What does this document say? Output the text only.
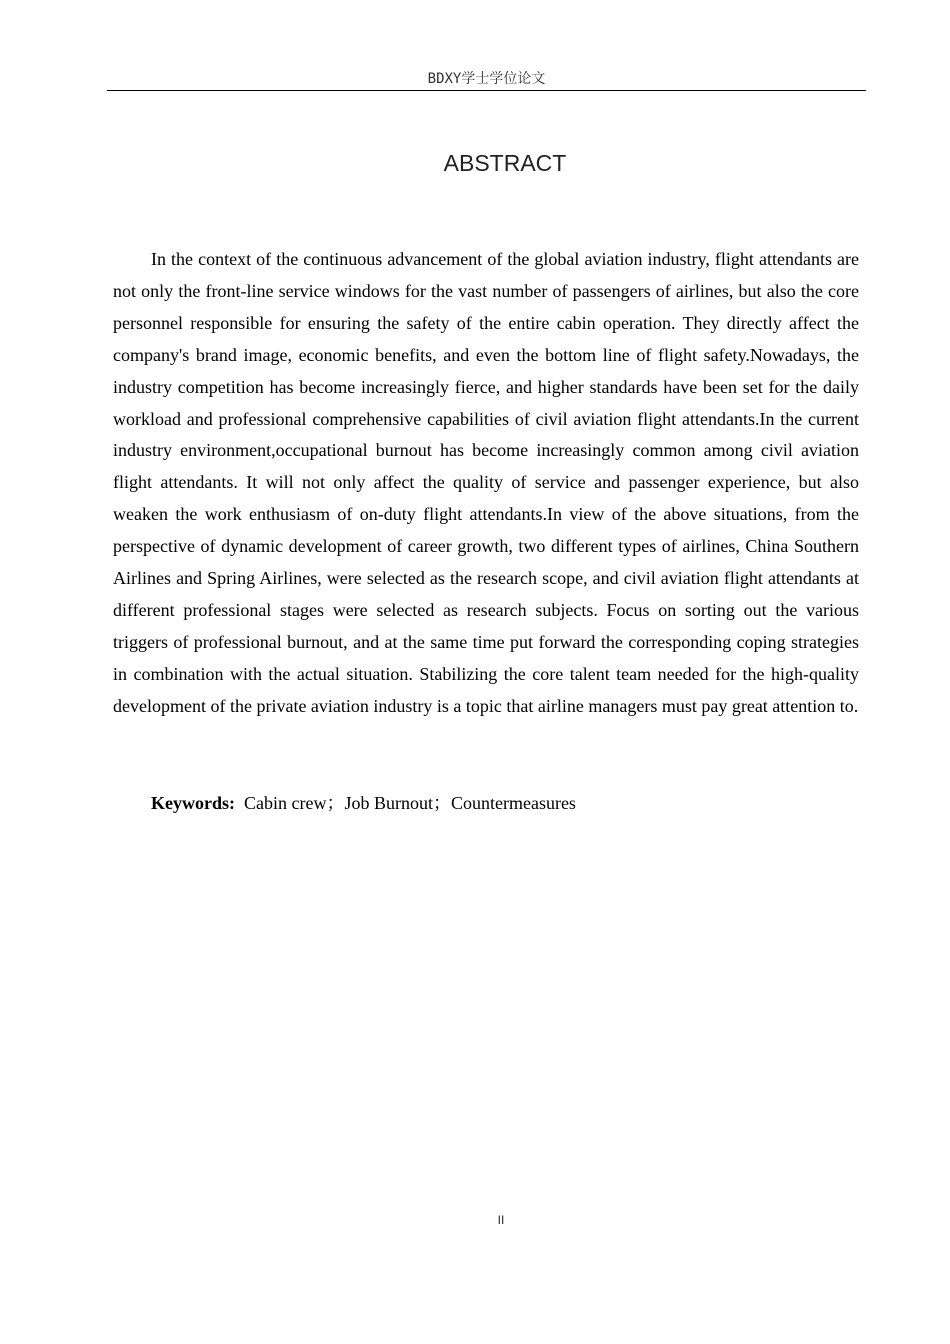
BDXY学士学位论文
ABSTRACT

In the context of the continuous advancement of the global aviation industry, flight attendants are not only the front-line service windows for the vast number of passengers of airlines, but also the core personnel responsible for ensuring the safety of the entire cabin operation. They directly affect the company's brand image, economic benefits, and even the bottom line of flight safety.Nowadays, the industry competition has become increasingly fierce, and higher standards have been set for the daily workload and professional comprehensive capabilities of civil aviation flight attendants.In the current industry environment,occupational burnout has become increasingly common among civil aviation flight attendants. It will not only affect the quality of service and passenger experience, but also weaken the work enthusiasm of on-duty flight attendants.In view of the above situations, from the perspective of dynamic development of career growth, two different types of airlines, China Southern Airlines and Spring Airlines, were selected as the research scope, and civil aviation flight attendants at different professional stages were selected as research subjects. Focus on sorting out the various triggers of professional burnout, and at the same time put forward the corresponding coping strategies in combination with the actual situation. Stabilizing the core talent team needed for the high-quality development of the private aviation industry is a topic that airline managers must pay great attention to.

Keywords: Cabin crew；Job Burnout；Countermeasures

II
